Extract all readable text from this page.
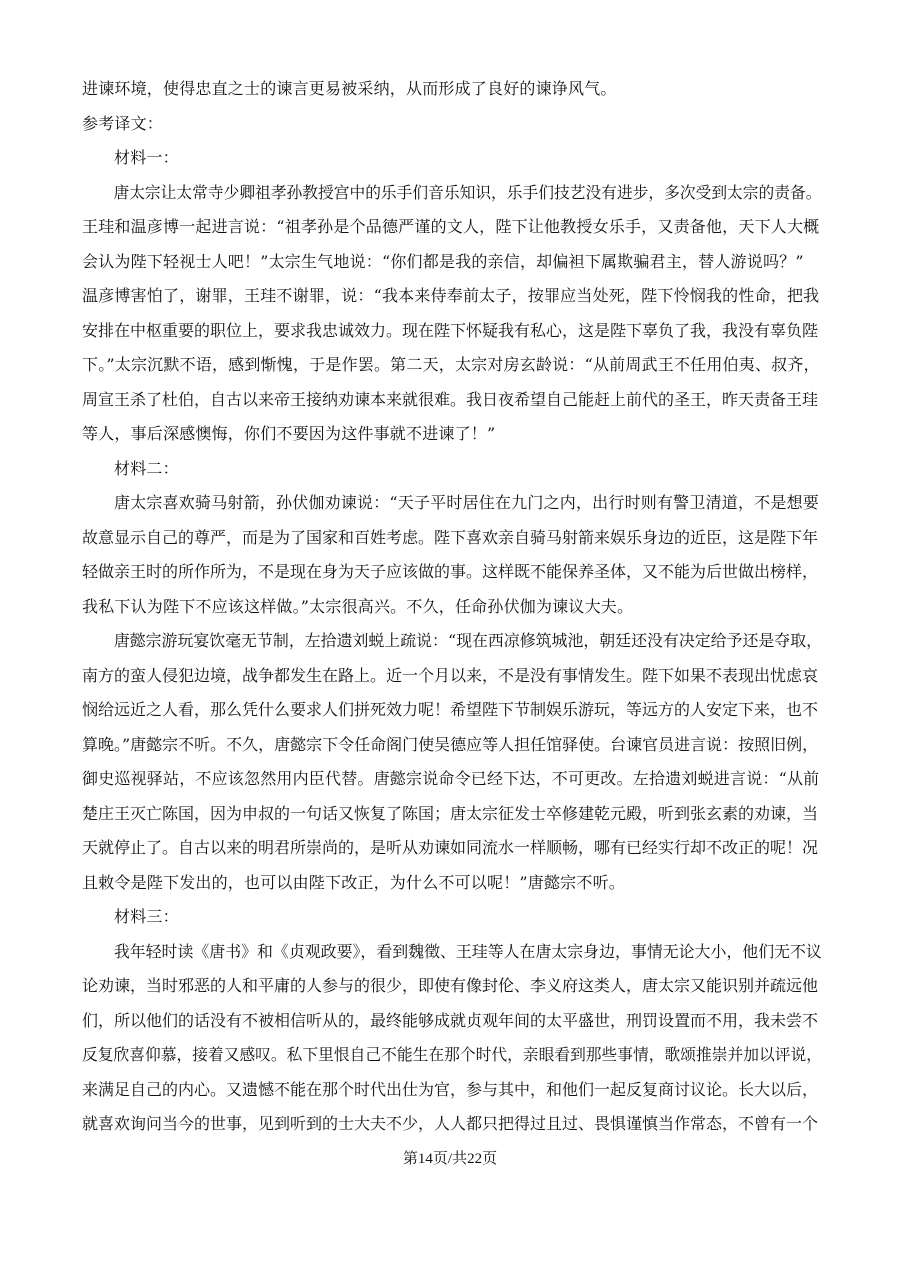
进谏环境，使得忠直之士的谏言更易被采纳，从而形成了良好的谏诤风气。
参考译文：
材料一：
唐太宗让太常寺少卿祖孝孙教授宫中的乐手们音乐知识，乐手们技艺没有进步，多次受到太宗的责备。
王珪和温彦博一起进言说：“祖孝孙是个品德严谨的文人，陛下让他教授女乐手，又责备他，天下人大概
会认为陛下轻视士人吧！”太宗生气地说：“你们都是我的亲信，却偏袒下属欺骗君主，替人游说吗？”
温彦博害怕了，谢罪，王珪不谢罪，说：“我本来侍奉前太子，按罪应当处死，陛下怜悯我的性命，把我
安排在中枢重要的职位上，要求我忠诚效力。现在陛下怀疑我有私心，这是陛下辜负了我，我没有辜负陛
下。”太宗沉默不语，感到惭愧，于是作罢。第二天，太宗对房玄龄说：“从前周武王不任用伯夷、叔齐，
周宣王杀了杜伯，自古以来帝王接纳劝谏本来就很难。我日夜希望自己能赶上前代的圣王，昨天责备王珪
等人，事后深感懊悔，你们不要因为这件事就不进谏了！”
材料二：
唐太宗喜欢骑马射箭，孙伏伽劝谏说：“天子平时居住在九门之内，出行时则有警卫清道，不是想要
故意显示自己的尊严，而是为了国家和百姓考虑。陛下喜欢亲自骑马射箭来娱乐身边的近臣，这是陛下年
轻做亲王时的所作所为，不是现在身为天子应该做的事。这样既不能保养圣体，又不能为后世做出榜样，
我私下认为陛下不应该这样做。”太宗很高兴。不久，任命孙伏伽为谏议大夫。
唐懿宗游玩宴饮毫无节制，左拾遗刘蜕上疏说：“现在西凉修筑城池，朝廷还没有决定给予还是夺取，
南方的蛮人侵犯边境，战争都发生在路上。近一个月以来，不是没有事情发生。陛下如果不表现出忧虑哀
悯给远近之人看，那么凭什么要求人们拼死效力呢！希望陛下节制娱乐游玩，等远方的人安定下来，也不
算晚。”唐懿宗不听。不久，唐懿宗下令任命阁门使吴德应等人担任馆驿使。台谏官员进言说：按照旧例，
御史巡视驿站，不应该忽然用内臣代替。唐懿宗说命令已经下达，不可更改。左拾遗刘蜕进言说：“从前
楚庄王灭亡陈国，因为申叔的一句话又恢复了陈国；唐太宗征发士卒修建乾元殿，听到张玄素的劝谏，当
天就停止了。自古以来的明君所崇尚的，是听从劝谏如同流水一样顺畅，哪有已经实行却不改正的呢！况
且敕令是陛下发出的，也可以由陛下改正，为什么不可以呢！”唐懿宗不听。
材料三：
我年轻时读《唐书》和《贞观政要》，看到魏徵、王珪等人在唐太宗身边，事情无论大小，他们无不议
论劝谏，当时邪恶的人和平庸的人参与的很少，即使有像封伦、李义府这类人，唐太宗又能识别并疏远他
们，所以他们的话没有不被相信听从的，最终能够成就贞观年间的太平盛世，刑罚设置而不用，我未尝不
反复欣喜仰慕，接着又感叹。私下里恨自己不能生在那个时代，亲眼看到那些事情，歌颂推崇并加以评说，
来满足自己的内心。又遗憾不能在那个时代出仕为官，参与其中，和他们一起反复商讨议论。长大以后，
就喜欢询问当今的世事，见到听到的士大夫不少，人人都只把得过且过、畏惧谨慎当作常态，不曾有一个
第14页/共22页
